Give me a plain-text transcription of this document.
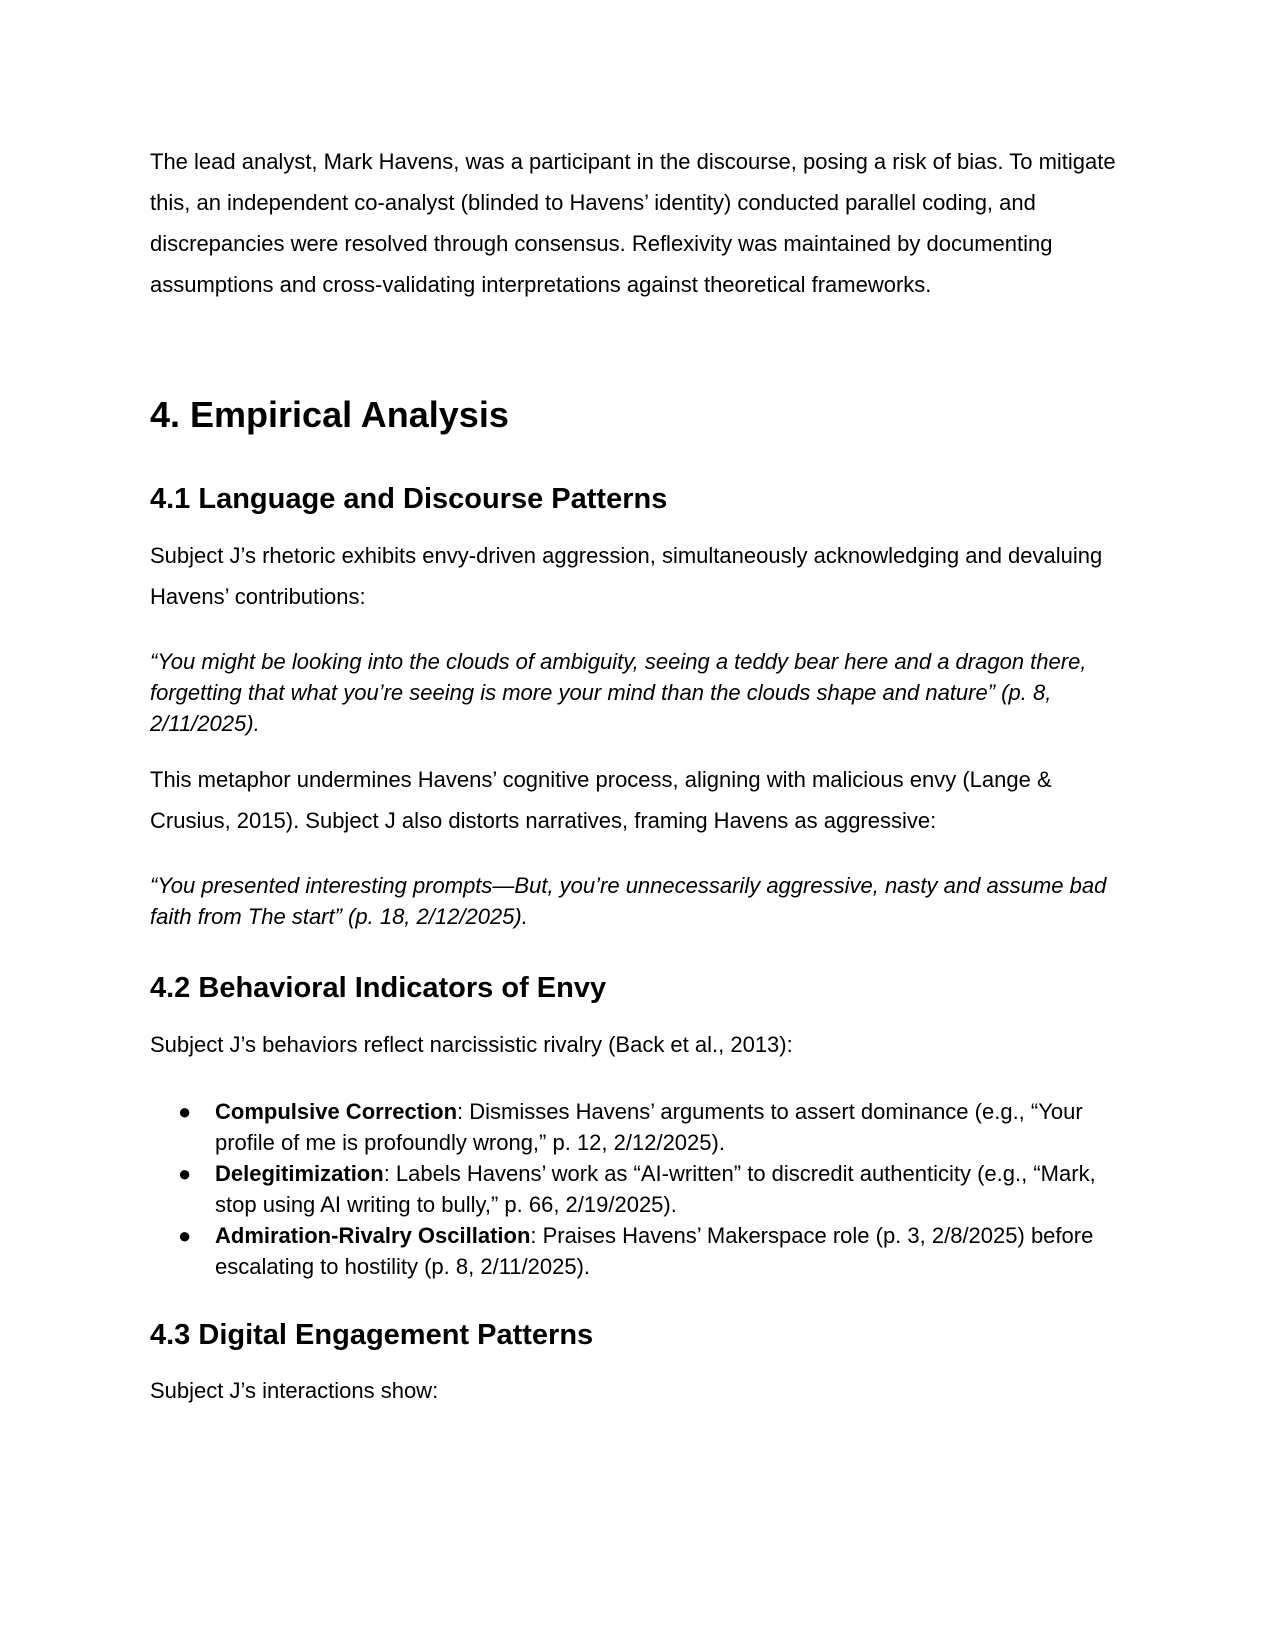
The lead analyst, Mark Havens, was a participant in the discourse, posing a risk of bias. To mitigate this, an independent co-analyst (blinded to Havens’ identity) conducted parallel coding, and discrepancies were resolved through consensus. Reflexivity was maintained by documenting assumptions and cross-validating interpretations against theoretical frameworks.

4. Empirical Analysis
4.1 Language and Discourse Patterns

Subject J’s rhetoric exhibits envy-driven aggression, simultaneously acknowledging and devaluing Havens’ contributions:

“You might be looking into the clouds of ambiguity, seeing a teddy bear here and a dragon there, forgetting that what you’re seeing is more your mind than the clouds shape and nature” (p. 8, 2/11/2025).

This metaphor undermines Havens’ cognitive process, aligning with malicious envy (Lange & Crusius, 2015). Subject J also distorts narratives, framing Havens as aggressive:

“You presented interesting prompts—But, you’re unnecessarily aggressive, nasty and assume bad faith from The start” (p. 18, 2/12/2025).

4.2 Behavioral Indicators of Envy

Subject J’s behaviors reflect narcissistic rivalry (Back et al., 2013):

● Compulsive Correction: Dismisses Havens’ arguments to assert dominance (e.g., “Your profile of me is profoundly wrong,” p. 12, 2/12/2025).
● Delegitimization: Labels Havens’ work as “AI-written” to discredit authenticity (e.g., “Mark, stop using AI writing to bully,” p. 66, 2/19/2025).
● Admiration-Rivalry Oscillation: Praises Havens’ Makerspace role (p. 3, 2/8/2025) before escalating to hostility (p. 8, 2/11/2025).
4.3 Digital Engagement Patterns

Subject J’s interactions show:
